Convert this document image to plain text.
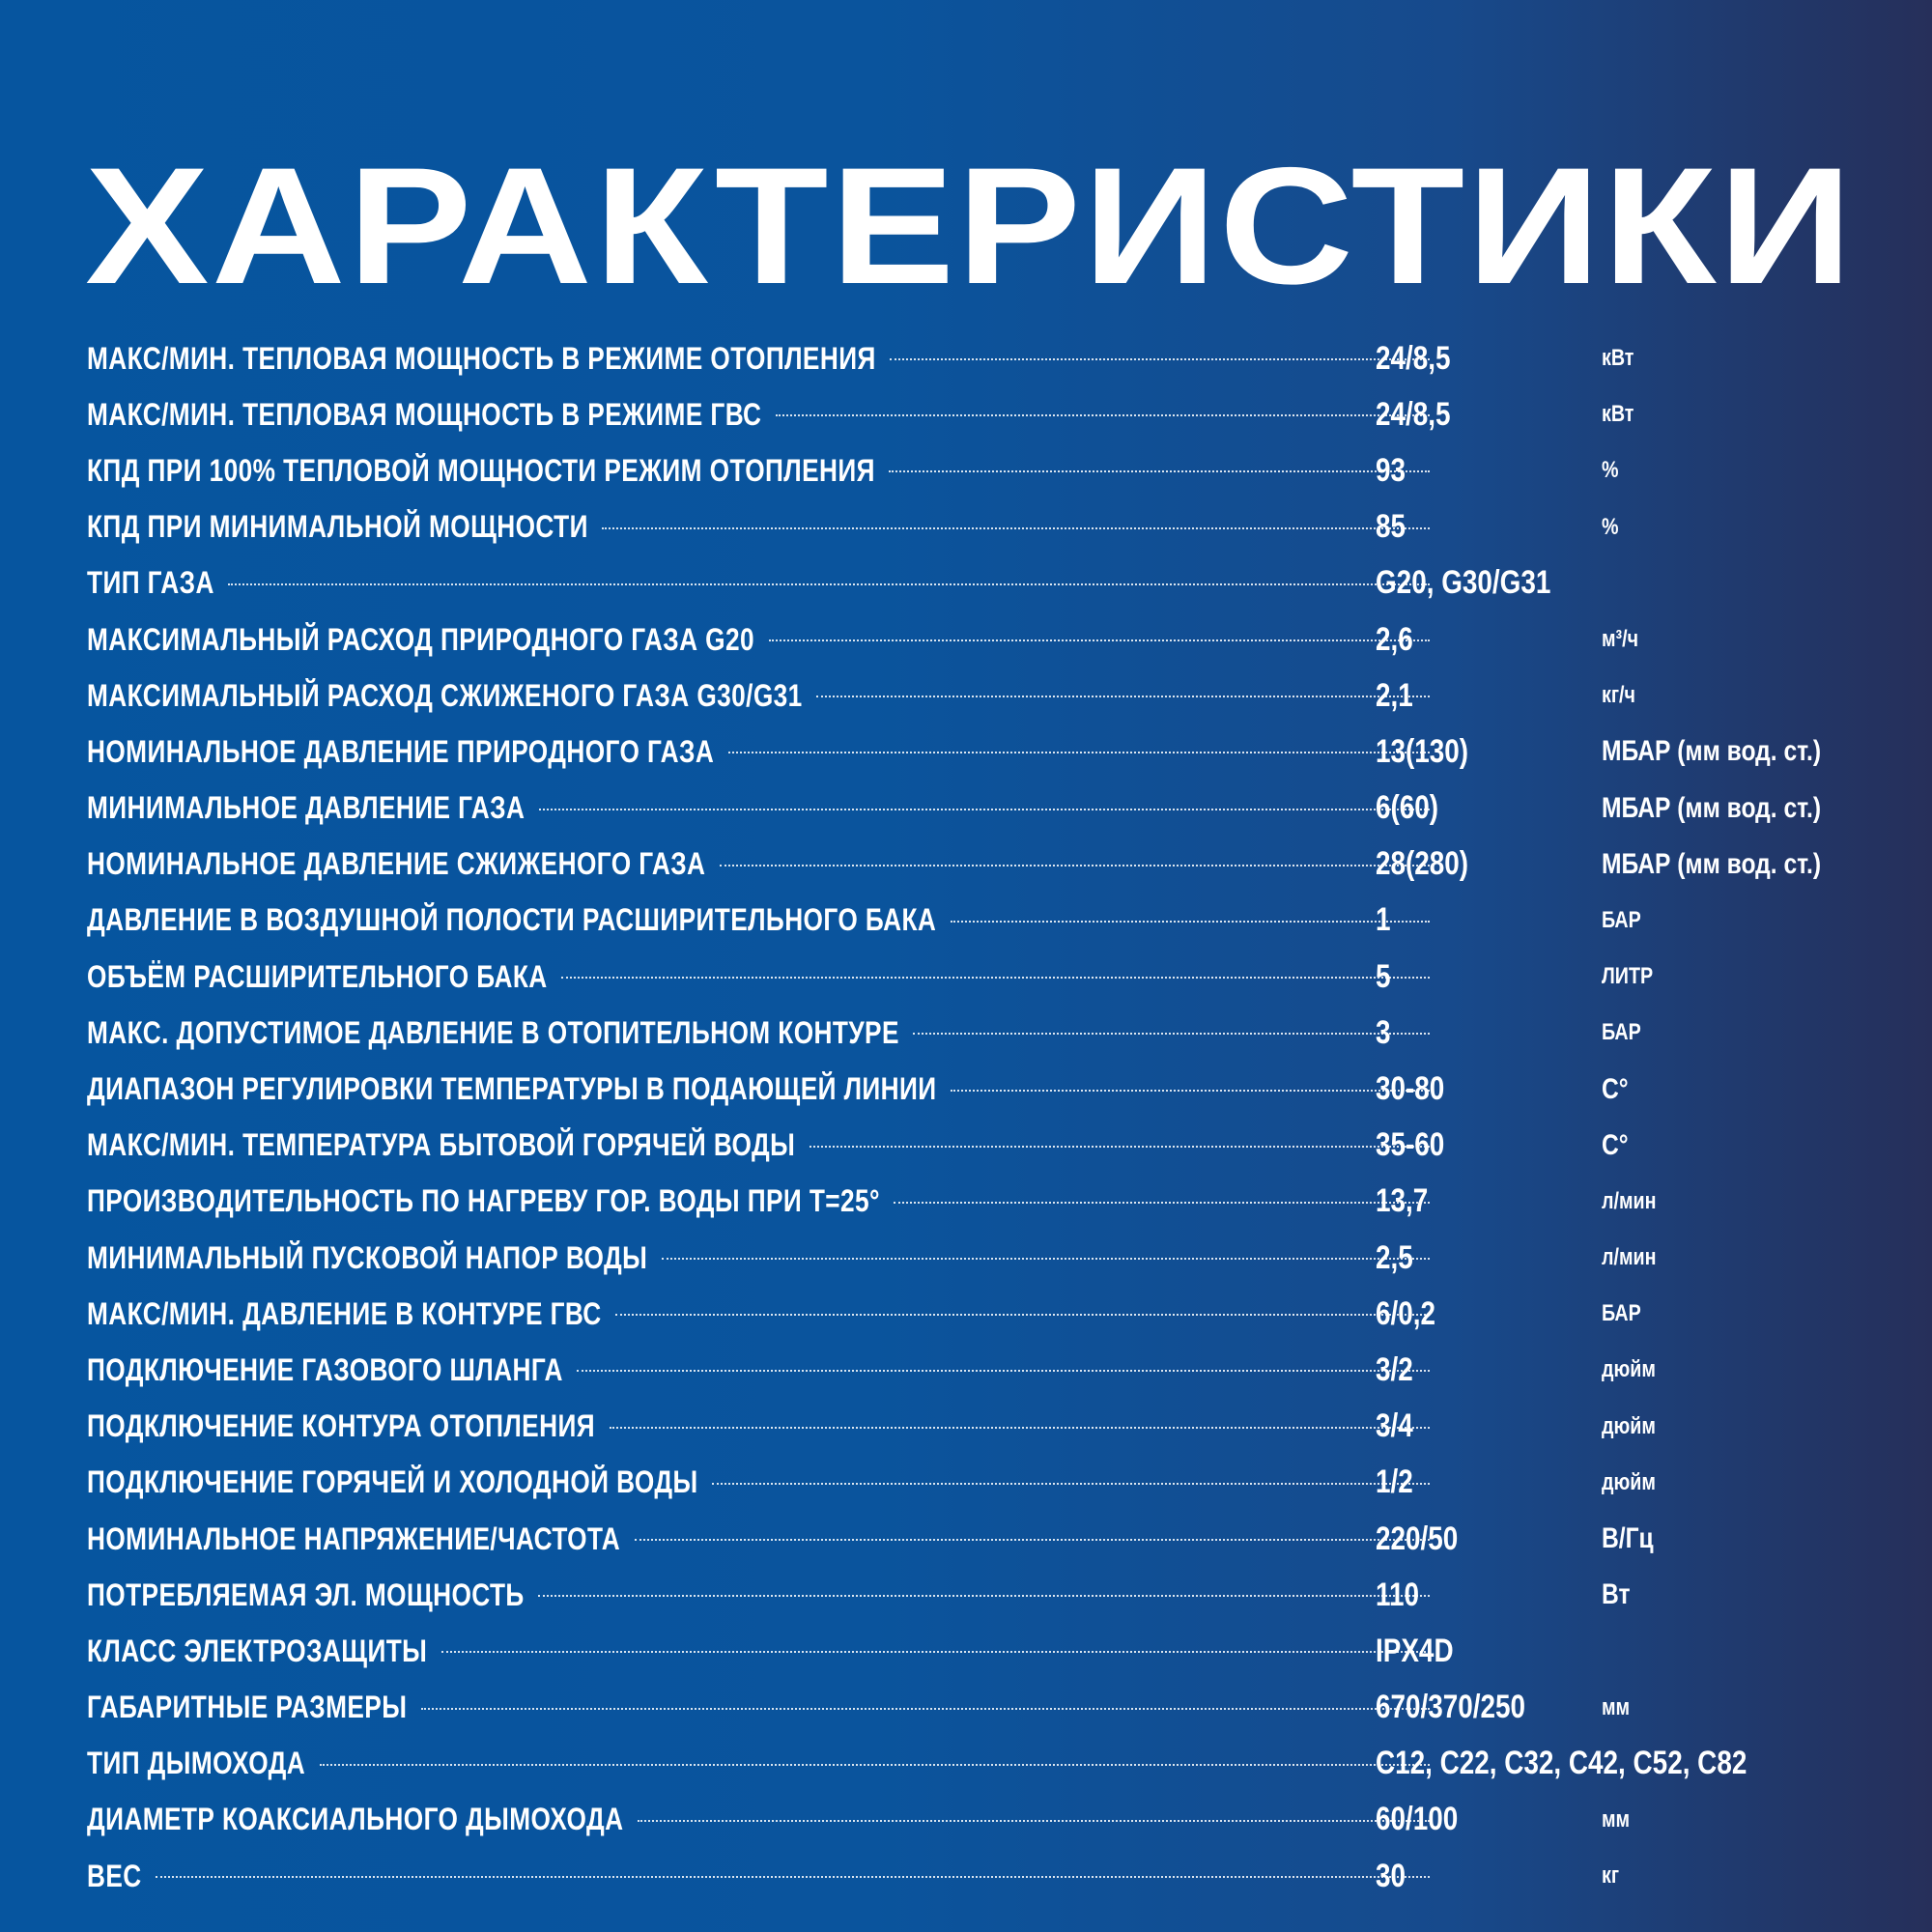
ХАРАКТЕРИСТИКИ
МАКС/МИН. ТЕПЛОВАЯ МОЩНОСТЬ В РЕЖИМЕ ОТОПЛЕНИЯ	24/8,5	кВт
МАКС/МИН. ТЕПЛОВАЯ МОЩНОСТЬ В РЕЖИМЕ ГВС	24/8,5	кВт
КПД ПРИ 100% ТЕПЛОВОЙ МОЩНОСТИ РЕЖИМ ОТОПЛЕНИЯ	93	%
КПД ПРИ МИНИМАЛЬНОЙ МОЩНОСТИ	85	%
ТИП ГАЗА	G20, G30/G31
МАКСИМАЛЬНЫЙ РАСХОД ПРИРОДНОГО ГАЗА G20	2,6	м³/ч
МАКСИМАЛЬНЫЙ РАСХОД СЖИЖЕНОГО ГАЗА G30/G31	2,1	кг/ч
НОМИНАЛЬНОЕ ДАВЛЕНИЕ ПРИРОДНОГО ГАЗА	13(130)	МБАР (мм вод. ст.)
МИНИМАЛЬНОЕ ДАВЛЕНИЕ ГАЗА	6(60)	МБАР (мм вод. ст.)
НОМИНАЛЬНОЕ ДАВЛЕНИЕ СЖИЖЕНОГО ГАЗА	28(280)	МБАР (мм вод. ст.)
ДАВЛЕНИЕ В ВОЗДУШНОЙ ПОЛОСТИ РАСШИРИТЕЛЬНОГО БАКА	1	БАР
ОБЪЁМ РАСШИРИТЕЛЬНОГО БАКА	5	ЛИТР
МАКС. ДОПУСТИМОЕ ДАВЛЕНИЕ В ОТОПИТЕЛЬНОМ КОНТУРЕ	3	БАР
ДИАПАЗОН РЕГУЛИРОВКИ ТЕМПЕРАТУРЫ В ПОДАЮЩЕЙ ЛИНИИ	30-80	С°
МАКС/МИН. ТЕМПЕРАТУРА БЫТОВОЙ ГОРЯЧЕЙ ВОДЫ	35-60	С°
ПРОИЗВОДИТЕЛЬНОСТЬ ПО НАГРЕВУ ГОР. ВОДЫ ПРИ Т=25°	13,7	л/мин
МИНИМАЛЬНЫЙ ПУСКОВОЙ НАПОР ВОДЫ	2,5	л/мин
МАКС/МИН. ДАВЛЕНИЕ В КОНТУРЕ ГВС	6/0,2	БАР
ПОДКЛЮЧЕНИЕ ГАЗОВОГО ШЛАНГА	3/2	дюйм
ПОДКЛЮЧЕНИЕ КОНТУРА ОТОПЛЕНИЯ	3/4	дюйм
ПОДКЛЮЧЕНИЕ ГОРЯЧЕЙ И ХОЛОДНОЙ ВОДЫ	1/2	дюйм
НОМИНАЛЬНОЕ НАПРЯЖЕНИЕ/ЧАСТОТА	220/50	В/Гц
ПОТРЕБЛЯЕМАЯ ЭЛ. МОЩНОСТЬ	110	Вт
КЛАСС ЭЛЕКТРОЗАЩИТЫ	IPX4D
ГАБАРИТНЫЕ РАЗМЕРЫ	670/370/250	мм
ТИП ДЫМОХОДА	C12, C22, C32, C42, C52, C82
ДИАМЕТР КОАКСИАЛЬНОГО ДЫМОХОДА	60/100	мм
ВЕС	30	кг
